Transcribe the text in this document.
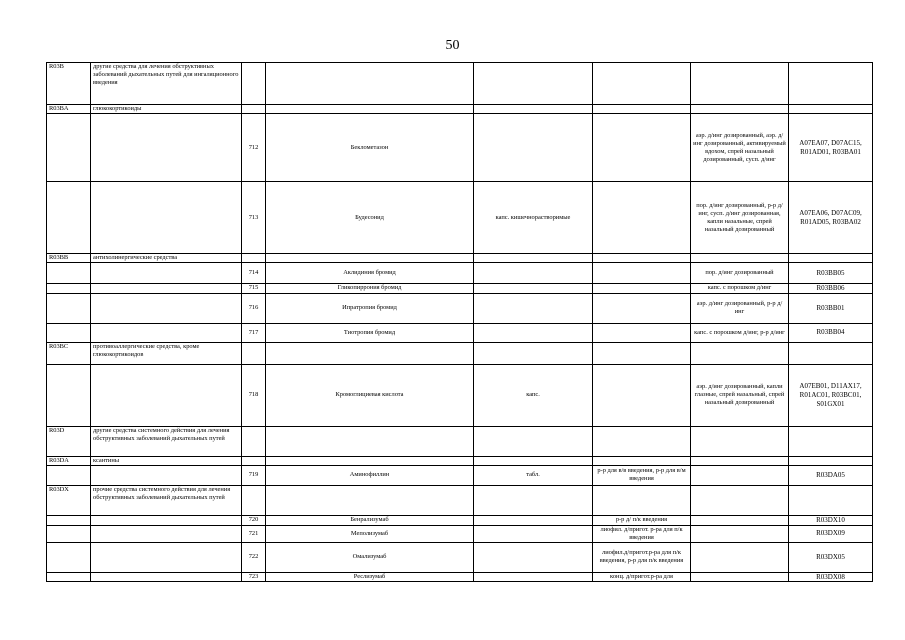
50
R03B	другие средства для лечения обструктивных заболеваний дыхательных путей для ингаляционного введения						
R03BA	глюкокортикоиды						
		712	Беклометазон			аэр. д/инг дозированный, аэр. д/инг дозированный, активируемый вдохом, спрей назальный дозированный, сусп. д/инг	A07EA07, D07AC15, R01AD01, R03BA01
		713	Будесонид	капс. кишечнорастворимые		пор. д/инг дозированный, р-р д/инг, сусп. д/инг дозированная, капли назальные, спрей назальный дозированный	A07EA06, D07AC09, R01AD05, R03BA02
R03BB	антихолинергические средства						
		714	Аклидиния бромид			пор. д/инг дозированный	R03BB05
		715	Гликопиррония бромид			капс. с порошком д/инг	R03BB06
		716	Ипратропия бромид			аэр. д/инг дозированный, р-р д/инг	R03BB01
		717	Тиотропия бромид			капс. с порошком д/инг, р-р д/инг	R03BB04
R03BC	противоаллергические средства, кроме глюкокортикоидов						
		718	Кромоглициевая кислота	капс.		аэр. д/инг дозированный, капли глазные, спрей назальный, спрей назальный дозированный	A07EB01, D11AX17, R01AC01, R03BC01, S01GX01
R03D	другие средства системного действия для лечения обструктивных заболеваний дыхательных путей						
R03DA	ксантины						
		719	Аминофиллин	табл.	р-р для в/в введения, р-р для в/м введения		R03DA05
R03DX	прочие средства системного действия для лечения обструктивных заболеваний дыхательных путей						
		720	Бенрализумаб		р-р д/ п/к введения		R03DX10
		721	Меполизумаб		лиофил. д/пригот. р-ра для п/к введения		R03DX09
		722	Омализумаб		лиофил.д/пригот.р-ра для п/к введения, р-р для п/к введения		R03DX05
		723	Реслизумаб		конц. д/пригот.р-ра для		R03DX08
